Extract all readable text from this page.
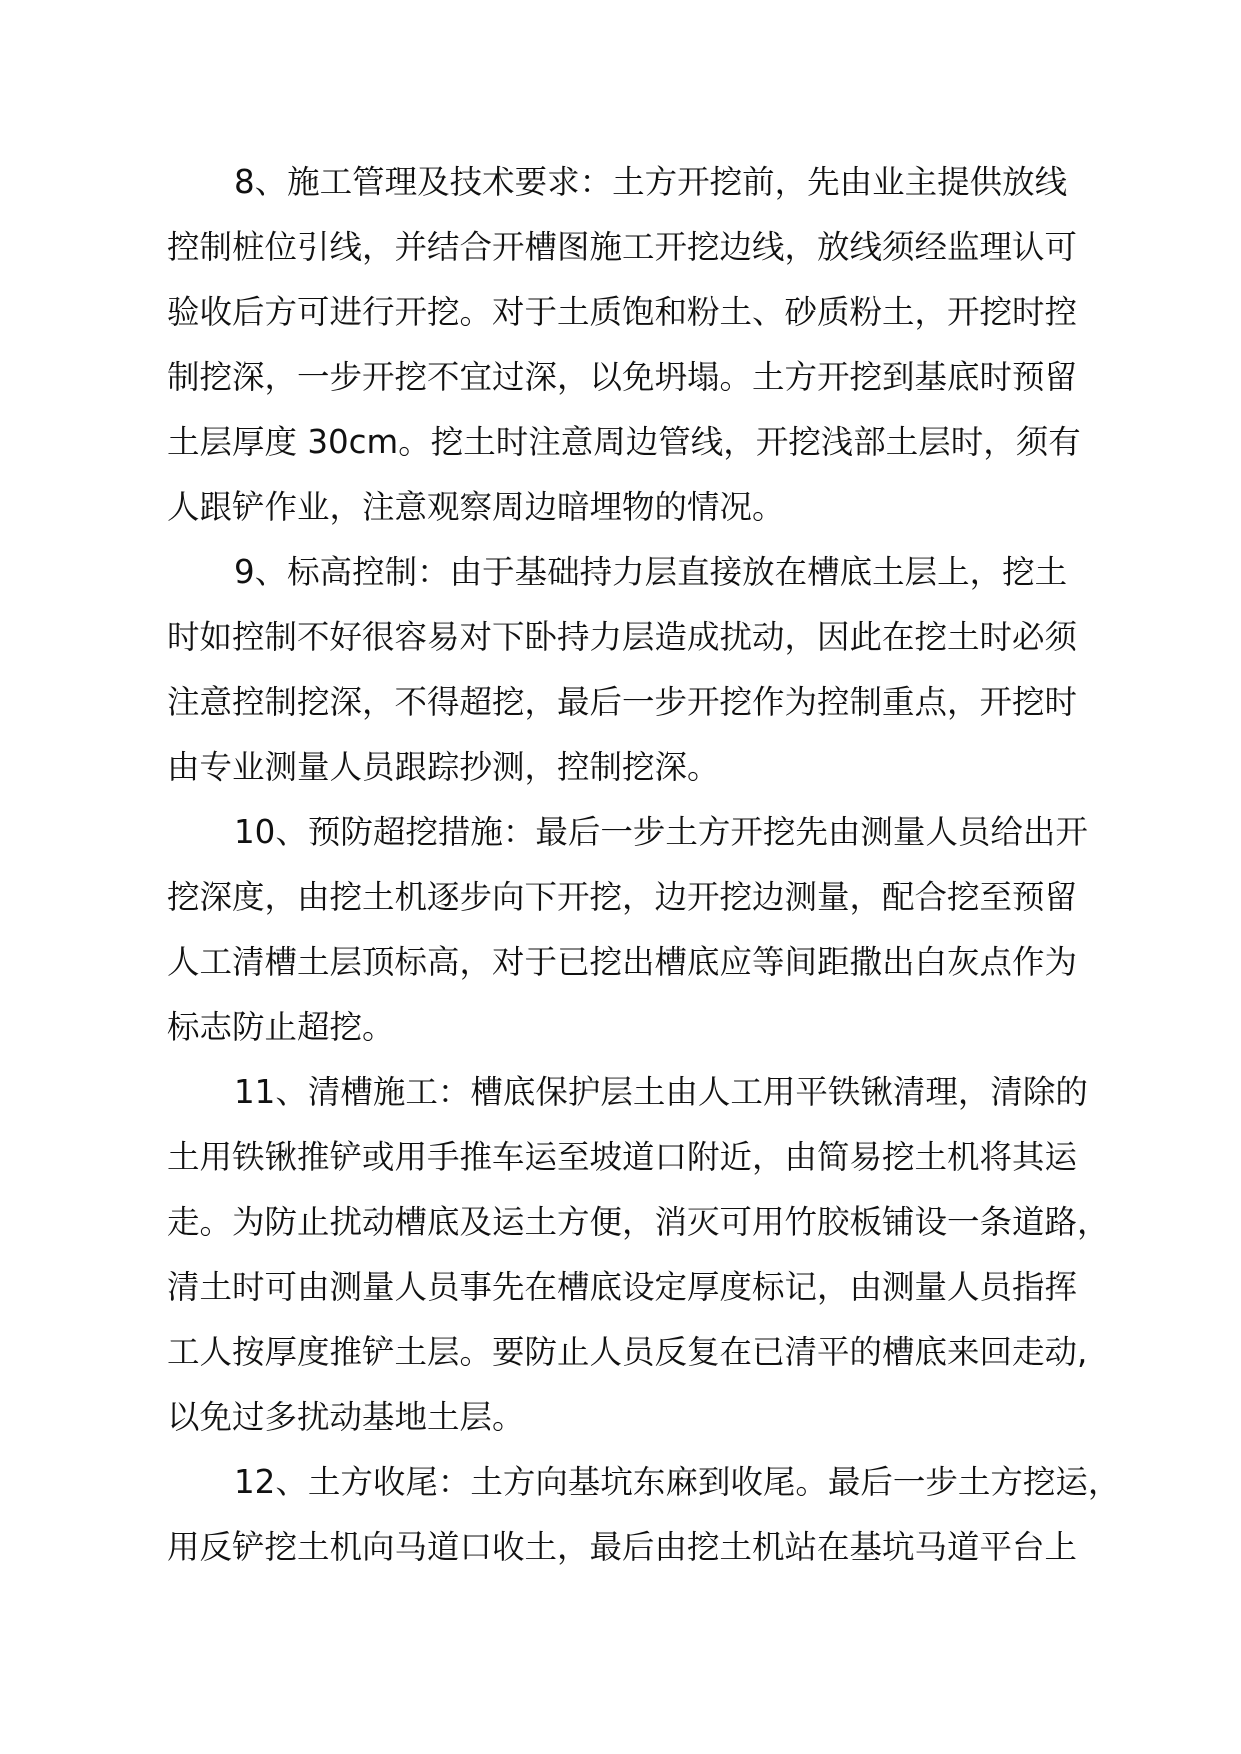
8、施工管理及技术要求：土方开挖前，先由业主提供放线
控制桩位引线，并结合开槽图施工开挖边线，放线须经监理认可
验收后方可进行开挖。对于土质饱和粉土、砂质粉土，开挖时控
制挖深，一步开挖不宜过深，以免坍塌。土方开挖到基底时预留
土层厚度 30cm。挖土时注意周边管线，开挖浅部土层时，须有
人跟铲作业，注意观察周边暗埋物的情况。
9、标高控制：由于基础持力层直接放在槽底土层上，挖土
时如控制不好很容易对下卧持力层造成扰动，因此在挖土时必须
注意控制挖深，不得超挖，最后一步开挖作为控制重点，开挖时
由专业测量人员跟踪抄测，控制挖深。
10、预防超挖措施：最后一步土方开挖先由测量人员给出开
挖深度，由挖土机逐步向下开挖，边开挖边测量，配合挖至预留
人工清槽土层顶标高，对于已挖出槽底应等间距撒出白灰点作为
标志防止超挖。
11、清槽施工：槽底保护层土由人工用平铁锹清理，清除的
土用铁锹推铲或用手推车运至坡道口附近，由简易挖土机将其运
走。为防止扰动槽底及运土方便，消灭可用竹胶板铺设一条道路，
清土时可由测量人员事先在槽底设定厚度标记，由测量人员指挥
工人按厚度推铲土层。要防止人员反复在已清平的槽底来回走动,
以免过多扰动基地土层。
12、土方收尾：土方向基坑东麻到收尾。最后一步土方挖运，
用反铲挖土机向马道口收土，最后由挖土机站在基坑马道平台上
